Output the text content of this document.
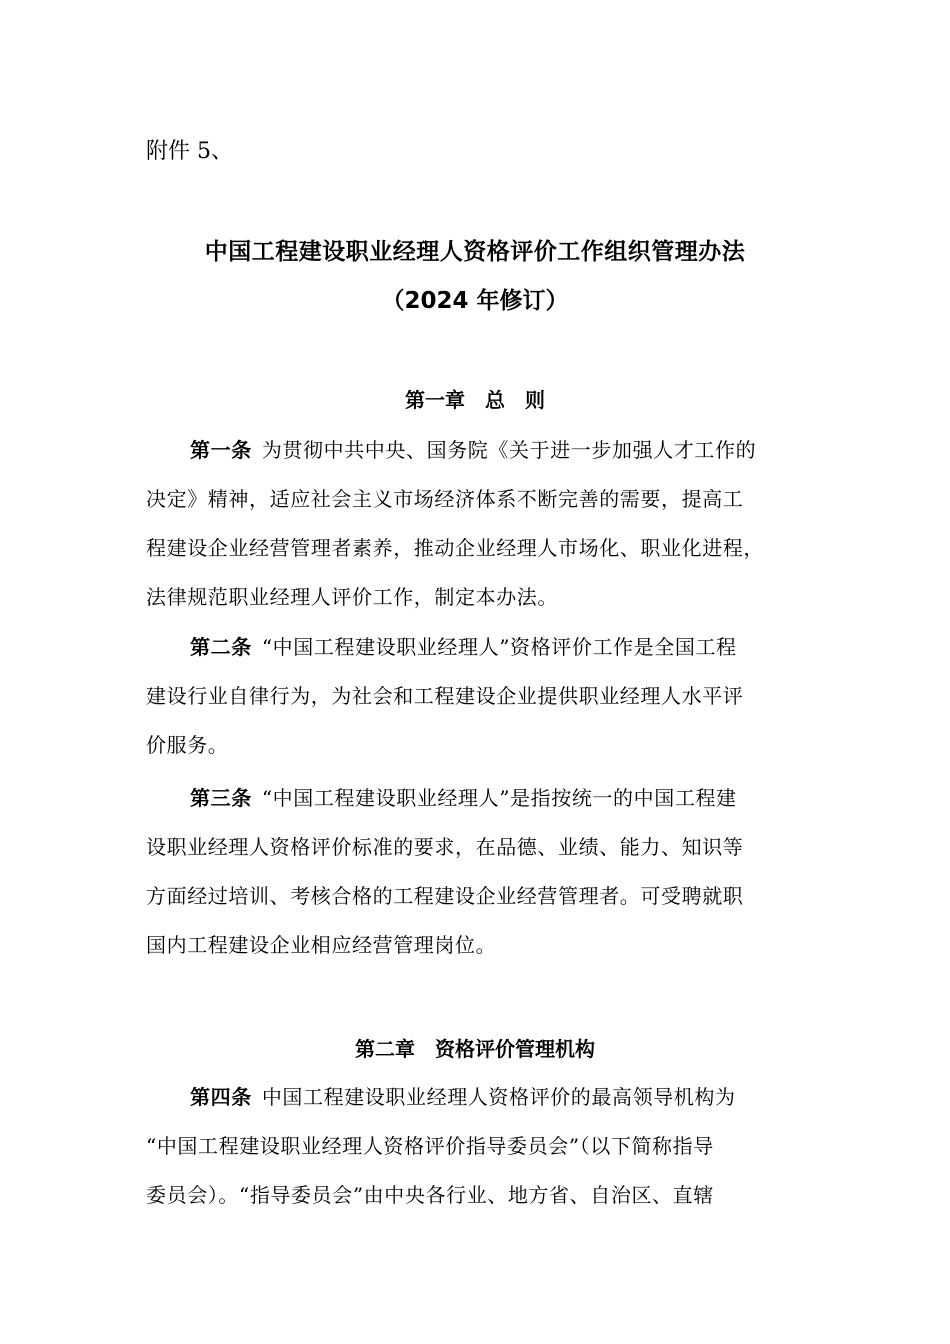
附件 5、
中国工程建设职业经理人资格评价工作组织管理办法
（2024 年修订）
第一章　总　则
第一条 为贯彻中共中央、国务院《关于进一步加强人才工作的
决定》精神，适应社会主义市场经济体系不断完善的需要，提高工
程建设企业经营管理者素养，推动企业经理人市场化、职业化进程，
法律规范职业经理人评价工作，制定本办法。
第二条 “中国工程建设职业经理人”资格评价工作是全国工程
建设行业自律行为，为社会和工程建设企业提供职业经理人水平评
价服务。
第三条 “中国工程建设职业经理人”是指按统一的中国工程建
设职业经理人资格评价标准的要求，在品德、业绩、能力、知识等
方面经过培训、考核合格的工程建设企业经营管理者。可受聘就职
国内工程建设企业相应经营管理岗位。
第二章　资格评价管理机构
第四条 中国工程建设职业经理人资格评价的最高领导机构为
“中国工程建设职业经理人资格评价指导委员会”（以下简称指导
委员会）。“指导委员会”由中央各行业、地方省、自治区、直辖
